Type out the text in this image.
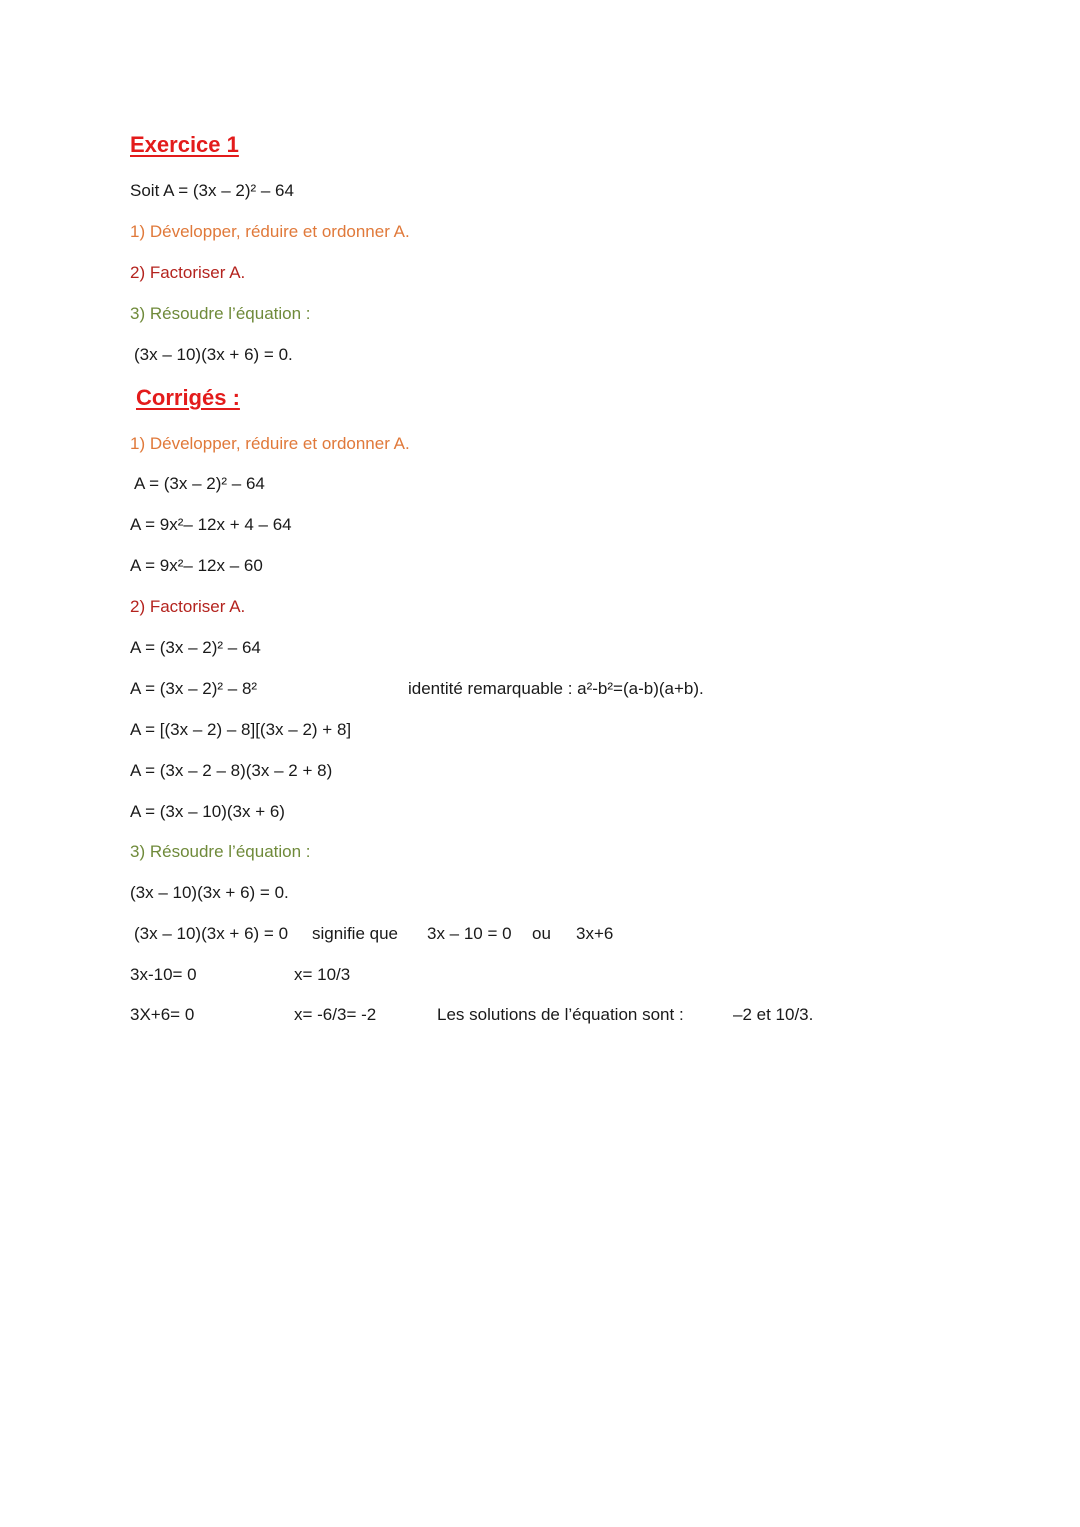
Exercice 1
Soit A = (3x – 2)² – 64
1) Développer, réduire et ordonner A.
2) Factoriser A.
3) Résoudre l’équation :
(3x – 10)(3x + 6) = 0.
Corrigés :
1) Développer, réduire et ordonner A.
A = (3x – 2)² – 64
A = 9x²– 12x + 4 – 64
A = 9x²– 12x – 60
2) Factoriser A.
A = (3x – 2)² – 64
A = (3x – 2)² – 8²	identité remarquable : a²-b²=(a-b)(a+b).
A = [(3x – 2) – 8][(3x – 2) + 8]
A = (3x – 2 – 8)(3x – 2 + 8)
A = (3x – 10)(3x + 6)
3) Résoudre l’équation :
(3x – 10)(3x + 6) = 0.
(3x – 10)(3x + 6) = 0 signifie que 3x – 10 = 0 ou 3x+6
3x-10= 0	x= 10/3
3X+6= 0	x= -6/3= -2	Les solutions de l’équation sont :	–2 et 10/3.
